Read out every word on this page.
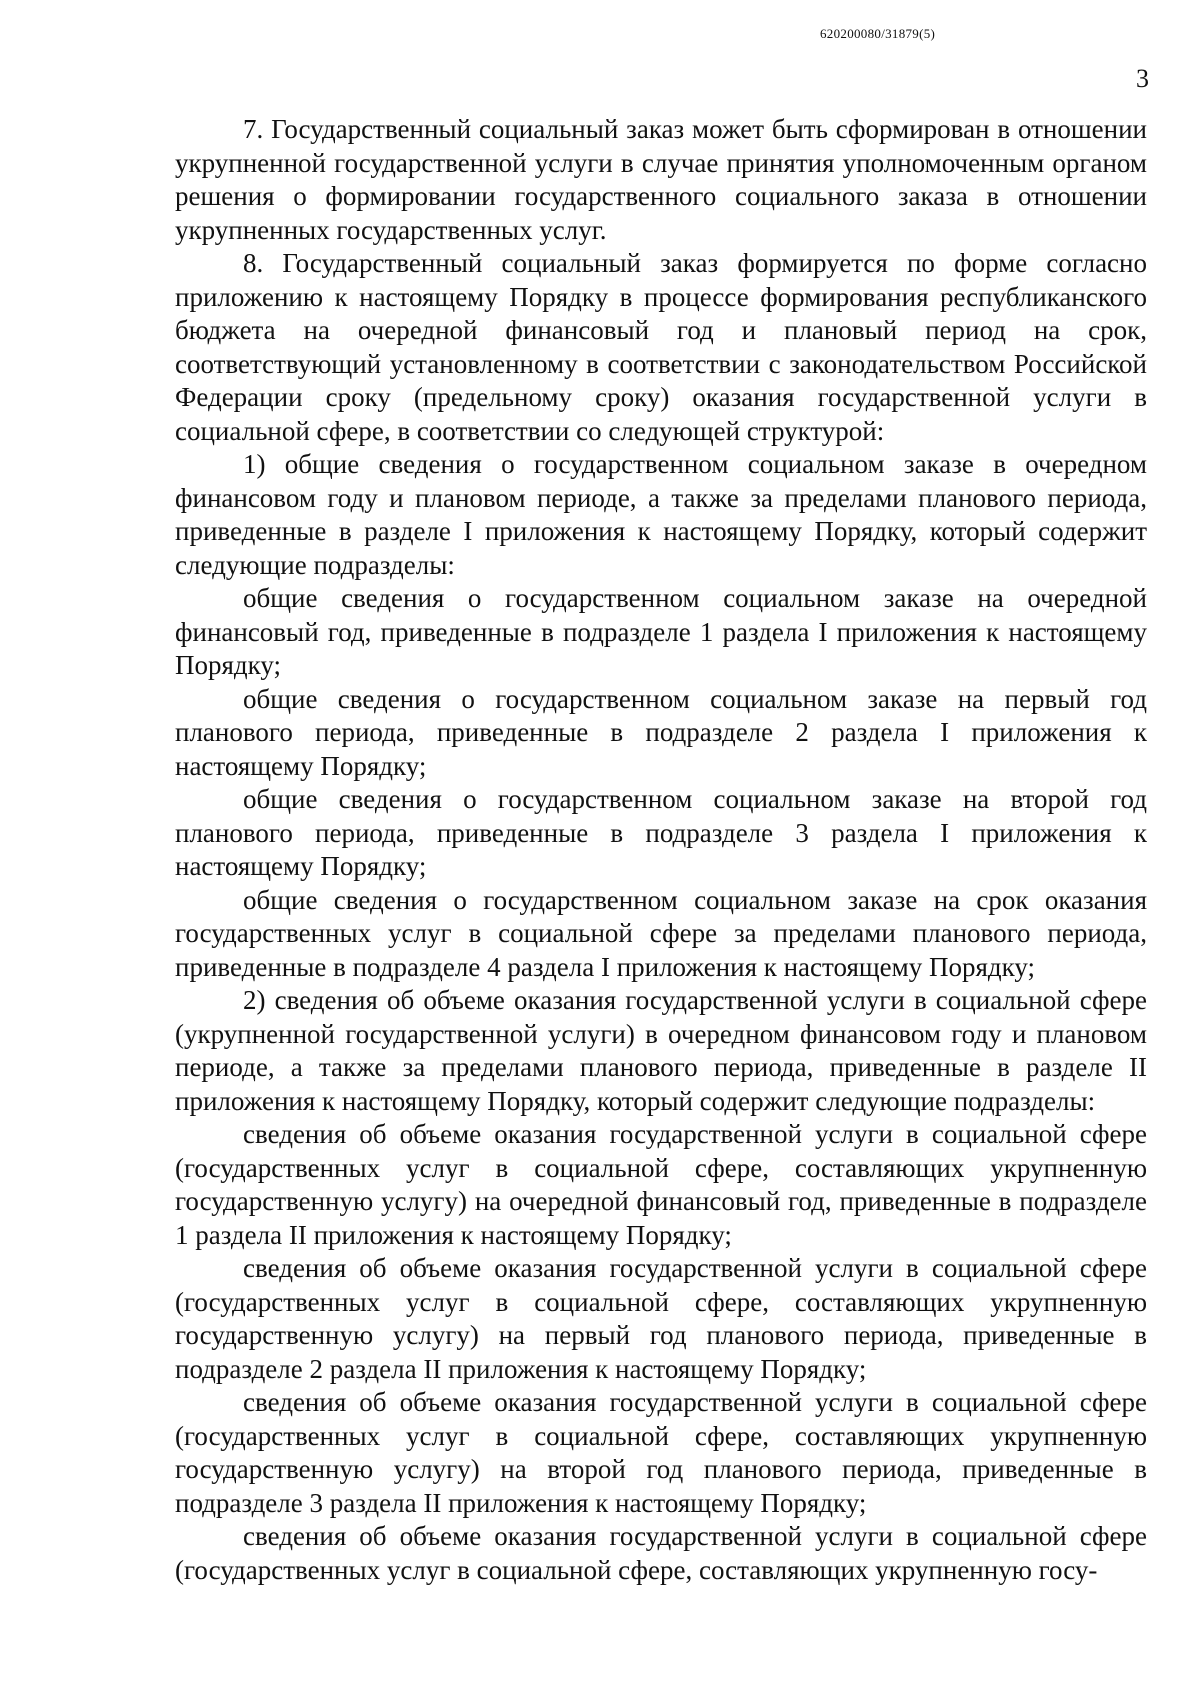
620200080/31879(5)
3

7. Государственный социальный заказ может быть сформирован в отношении укрупненной государственной услуги в случае принятия уполномоченным органом решения о формировании государственного социального заказа в отношении укрупненных государственных услуг.

8. Государственный социальный заказ формируется по форме согласно приложению к настоящему Порядку в процессе формирования республиканского бюджета на очередной финансовый год и плановый период на срок, соответствующий установленному в соответствии с законодательством Российской Федерации сроку (предельному сроку) оказания государственной услуги в социальной сфере, в соответствии со следующей структурой:

1) общие сведения о государственном социальном заказе в очередном финансовом году и плановом периоде, а также за пределами планового периода, приведенные в разделе I приложения к настоящему Порядку, который содержит следующие подразделы:

общие сведения о государственном социальном заказе на очередной финансовый год, приведенные в подразделе 1 раздела I приложения к настоящему Порядку;

общие сведения о государственном социальном заказе на первый год планового периода, приведенные в подразделе 2 раздела I приложения к настоящему Порядку;

общие сведения о государственном социальном заказе на второй год планового периода, приведенные в подразделе 3 раздела I приложения к настоящему Порядку;

общие сведения о государственном социальном заказе на срок оказания государственных услуг в социальной сфере за пределами планового периода, приведенные в подразделе 4 раздела I приложения к настоящему Порядку;

2) сведения об объеме оказания государственной услуги в социальной сфере (укрупненной государственной услуги) в очередном финансовом году и плановом периоде, а также за пределами планового периода, приведенные в разделе II приложения к настоящему Порядку, который содержит следующие подразделы:

сведения об объеме оказания государственной услуги в социальной сфере (государственных услуг в социальной сфере, составляющих укрупненную государственную услугу) на очередной финансовый год, приведенные в подразделе 1 раздела II приложения к настоящему Порядку;

сведения об объеме оказания государственной услуги в социальной сфере (государственных услуг в социальной сфере, составляющих укрупненную государственную услугу) на первый год планового периода, приведенные в подразделе 2 раздела II приложения к настоящему Порядку;

сведения об объеме оказания государственной услуги в социальной сфере (государственных услуг в социальной сфере, составляющих укрупненную государственную услугу) на второй год планового периода, приведенные в подразделе 3 раздела II приложения к настоящему Порядку;

сведения об объеме оказания государственной услуги в социальной сфере (государственных услуг в социальной сфере, составляющих укрупненную госу-
